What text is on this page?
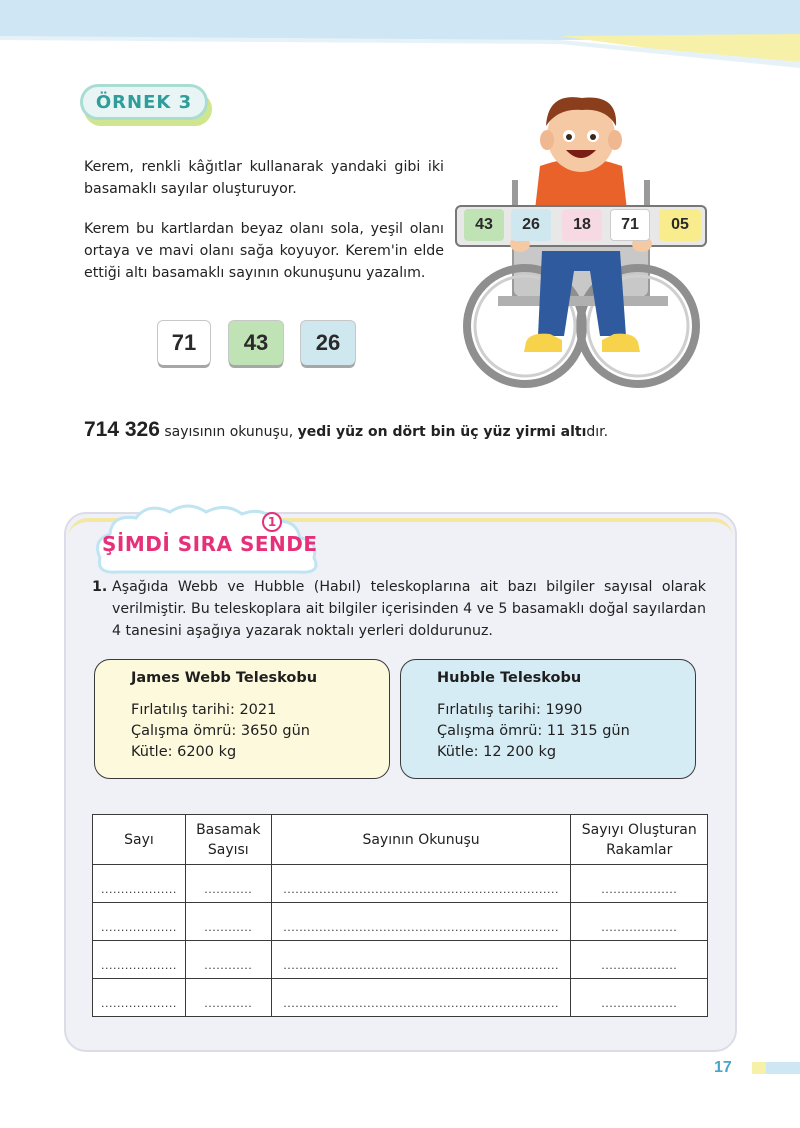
ÖRNEK 3

Kerem, renkli kâğıtlar kullanarak yandaki gibi iki basamaklı sayılar oluşturuyor.

Kerem bu kartlardan beyaz olanı sola, yeşil olanı ortaya ve mavi olanı sağa koyuyor. Kerem'in elde ettiği altı basamaklı sayının okunuşunu yazalım.

71	43	26
43	26	18	71	05

714 326 sayısının okunuşu, yedi yüz on dört bin üç yüz yirmi altıdır.

1
ŞİMDİ SIRA SENDE
1. Aşağıda Webb ve Hubble (Habıl) teleskoplarına ait bazı bilgiler sayısal olarak verilmiştir. Bu teleskoplara ait bilgiler içerisinden 4 ve 5 basamaklı doğal sayılardan 4 tanesini aşağıya yazarak noktalı yerleri doldurunuz.
James Webb Teleskobu
Fırlatılış tarihi: 2021
Çalışma ömrü: 3650 gün
Kütle: 6200 kg
Hubble Teleskobu
Fırlatılış tarihi: 1990
Çalışma ömrü: 11 315 gün
Kütle: 12 200 kg
Sayı	Basamak Sayısı	Sayının Okunuşu	Sayıyı Oluşturan Rakamlar
...................	............	.....................................................................	...................
...................	............	.....................................................................	...................
...................	............	.....................................................................	...................
...................	............	.....................................................................	...................
17
